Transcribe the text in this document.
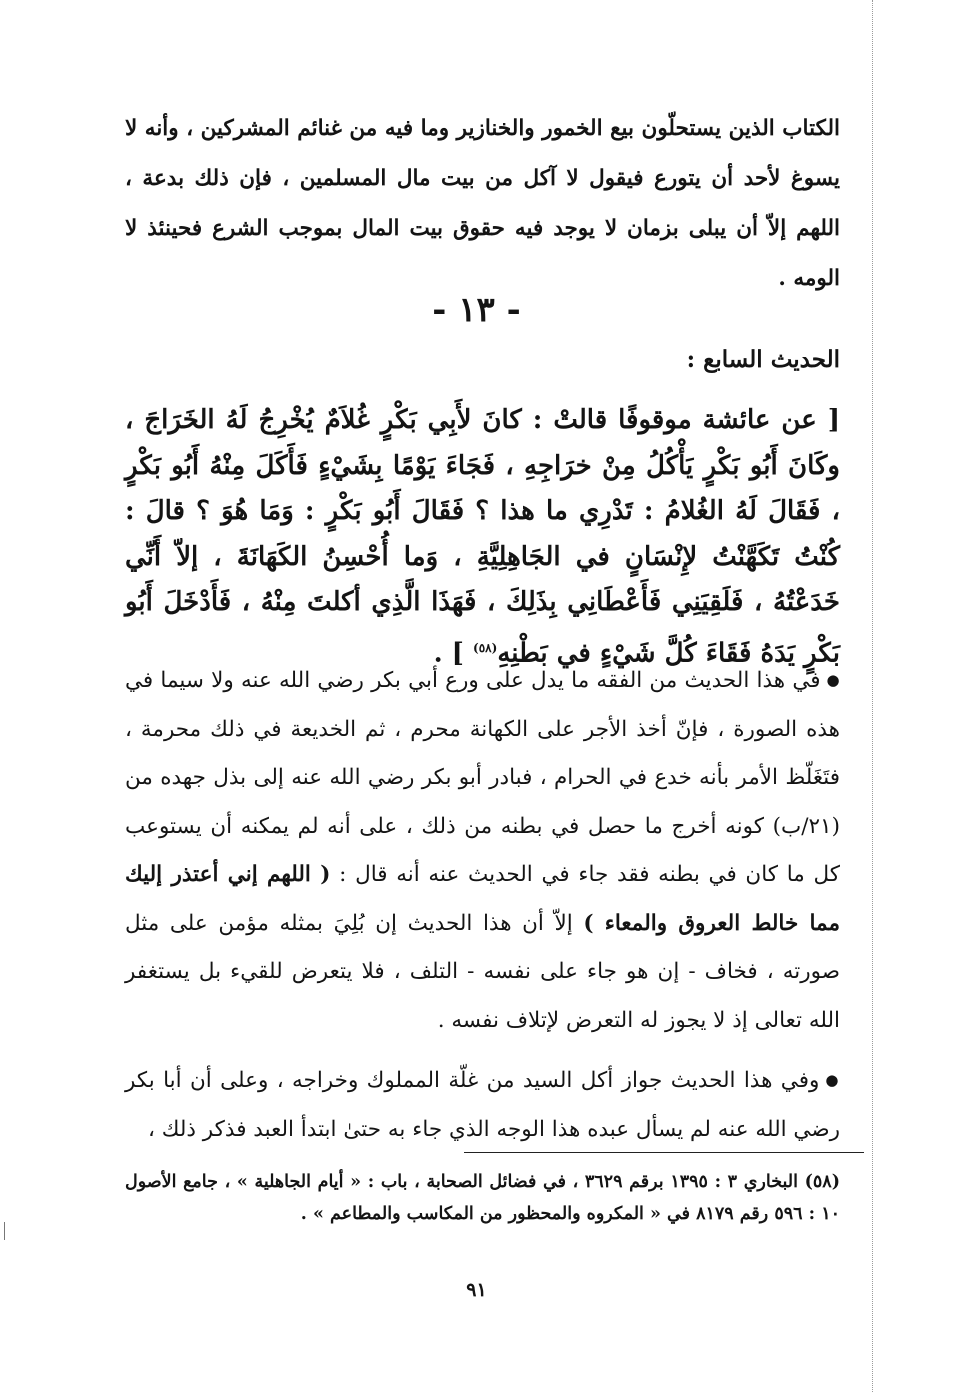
الكتاب الذين يستحلّون بيع الخمور والخنازير وما فيه من غنائم المشركين ، وأنه لا يسوغ لأحد أن يتورع فيقول لا آكل من بيت مال المسلمين ، فإن ذلك بدعة ، اللهم إلاّ أن يبلى بزمان لا يوجد فيه حقوق بيت المال بموجب الشرع فحينئذ لا الومه .
- ١٣ -
الحديث السابع :
[ عن عائشة موقوفًا قالتْ : كانَ لأَبِي بَكْرٍ غُلاَمٌ يُخْرِجُ لَهُ الخَرَاجَ ، وكَانَ أَبُو بَكْرٍ يَأْكُلُ مِنْ خرَاجِهِ ، فَجَاءَ يَوْمًا بِشَيْءٍ فَأَكَلَ مِنْهُ أَبُو بَكْرٍ ، فَقَالَ لَهُ الغُلامُ : تَدْرِي ما هذا ؟ فَقَالَ أَبُو بَكْرٍ : وَمَا هُوَ ؟ قالَ : كُنْتُ تَكَهَّنْتُ لإِنْسَانٍ في الجَاهِلِيَّةِ ، وَما أُحْسِنُ الكَهَانَةَ ، إلاّ أَنِّي خَدَعْتُهُ ، فَلَقِيَنِي فَأَعْطَانِي بِذَلِكَ ، فَهَذَا الَّذِي أكلتَ مِنْهُ ، فَأَدْخَلَ أَبُو بَكْرٍ يَدَهُ فَقَاءَ كُلَّ شَيْءٍ في بَطْنِهِ$^{(٥٨)}$ ] .
●في هذا الحديث من الفقه ما يدل على ورع أبي بكر رضي الله عنه ولا سيما في هذه الصورة ، فإنّ أخذ الأجر على الكهانة محرم ، ثم الخديعة في ذلك محرمة ، فتَغَلّظ الأمر بأنه خدع في الحرام ، فبادر أبو بكر رضي الله عنه إلى بذل جهده من (٢١/ب) كونه أخرج ما حصل في بطنه من ذلك ، على أنه لم يمكنه أن يستوعب كل ما كان في بطنه فقد جاء في الحديث عنه أنه قال : ( اللهم إني أعتذر إليك مما خالط العروق والمعاء ) إلاّ أن هذا الحديث إن بُلِيَ بمثله مؤمن على مثل صورته ، فخاف - إن هو جاء على نفسه - التلف ، فلا يتعرض للقيء بل يستغفر الله تعالى إذ لا يجوز له التعرض لإتلاف نفسه .
●وفي هذا الحديث جواز أكل السيد من غلّة المملوك وخراجه ، وعلى أن أبا بكر رضي الله عنه لم يسأل عبده هذا الوجه الذي جاء به حتىٰ ابتدأ العبد فذكر ذلك ،
(٥٨) البخاري ٣ : ١٣٩٥ برقم ٣٦٢٩ ، في فضائل الصحابة ، باب : « أيام الجاهلية » ، جامع الأصول ١٠ : ٥٩٦ رقم ٨١٧٩ في « المكروه والمحظور من المكاسب والمطاعم » .
٩١
